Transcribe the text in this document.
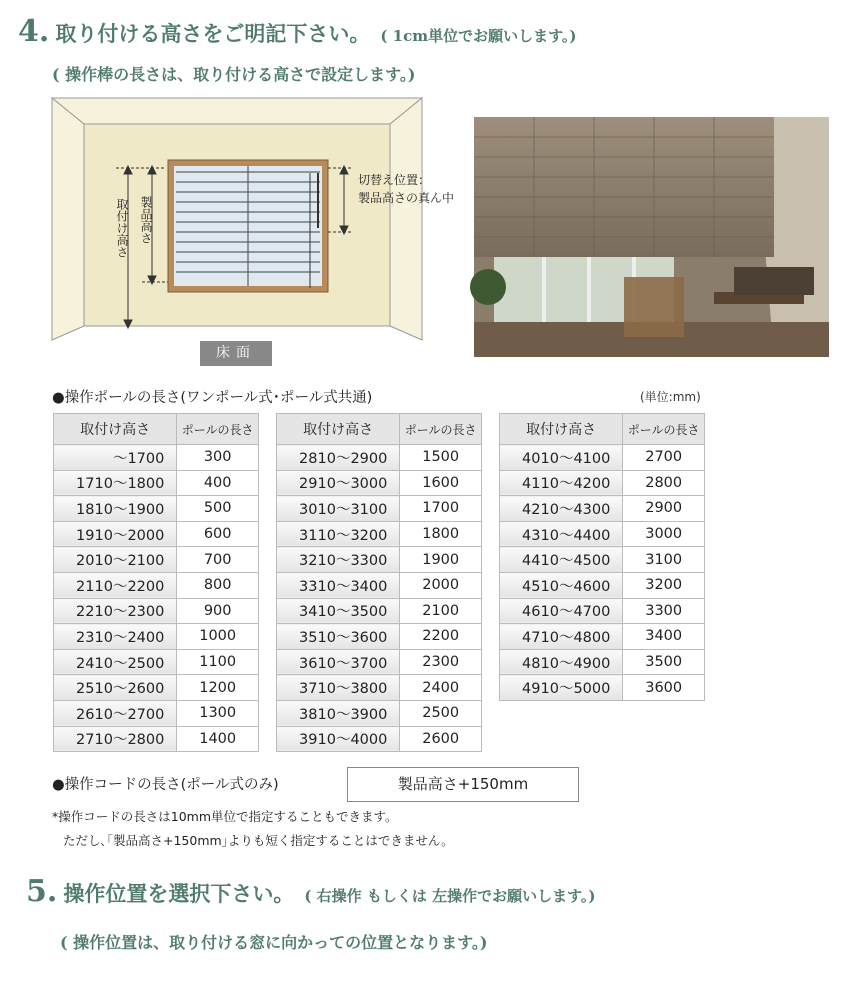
4. 取り付ける高さをご明記下さい。 ( 1cm単位でお願いします。)
( 操作棒の長さは、取り付ける高さで設定します。)
取付け高さ 製品高さ
切替え位置：
製品高さの真ん中
床面
●操作ポールの長さ(ワンポール式･ポール式共通)	(単位:mm)
取付け高さ	ポールの長さ
～1700	300
1710～1800	400
1810～1900	500
1910～2000	600
2010～2100	700
2110～2200	800
2210～2300	900
2310～2400	1000
2410～2500	1100
2510～2600	1200
2610～2700	1300
2710～2800	1400
取付け高さ	ポールの長さ
2810～2900	1500
2910～3000	1600
3010～3100	1700
3110～3200	1800
3210～3300	1900
3310～3400	2000
3410～3500	2100
3510～3600	2200
3610～3700	2300
3710～3800	2400
3810～3900	2500
3910～4000	2600
取付け高さ	ポールの長さ
4010～4100	2700
4110～4200	2800
4210～4300	2900
4310～4400	3000
4410～4500	3100
4510～4600	3200
4610～4700	3300
4710～4800	3400
4810～4900	3500
4910～5000	3600
●操作コードの長さ(ポール式のみ)	製品高さ+150mm
*操作コードの長さは10mm単位で指定することもできます。
ただし､｢製品高さ+150mm｣よりも短く指定することはできません。
5. 操作位置を選択下さい。 ( 右操作 もしくは 左操作でお願いします。)
( 操作位置は、取り付ける窓に向かっての位置となります。)
